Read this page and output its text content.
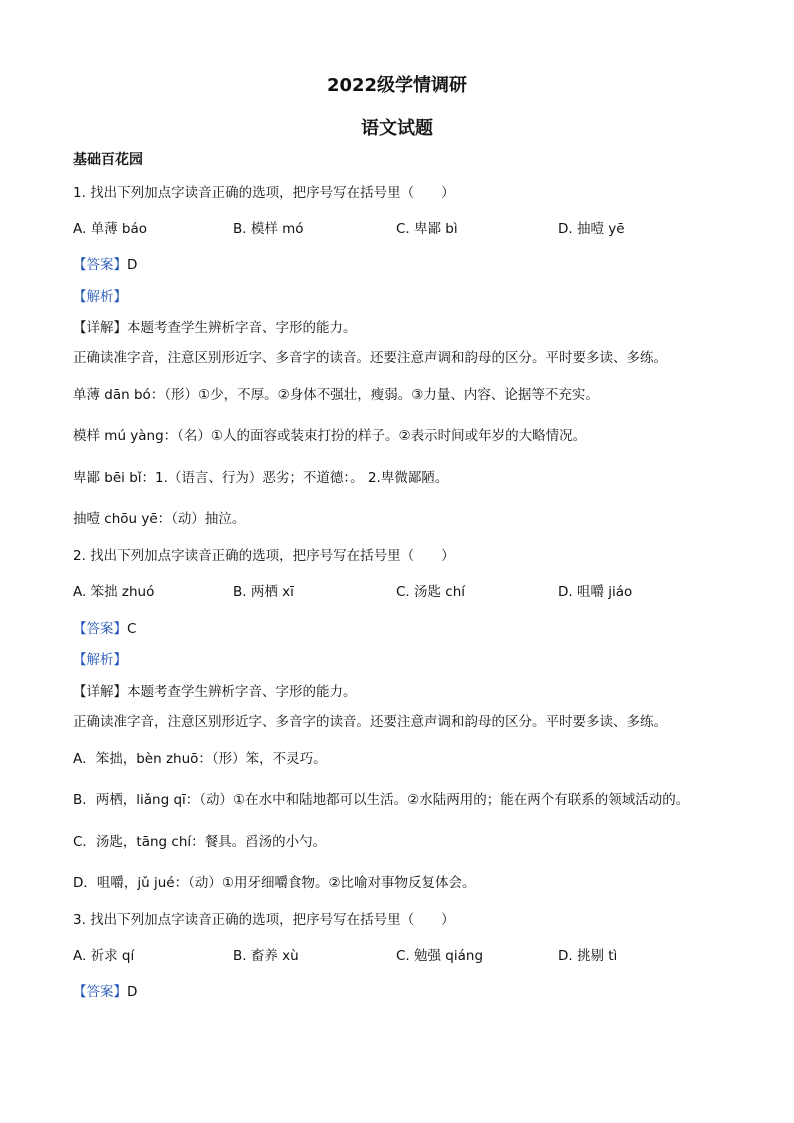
2022级学情调研
语文试题
基础百花园
1. 找出下列加点字读音正确的选项，把序号写在括号里（　　）
A. 单薄 báo	B. 模样 mó	C. 卑鄙 bì	D. 抽噎 yē
【答案】D
【解析】
【详解】本题考查学生辨析字音、字形的能力。
正确读准字音，注意区别形近字、多音字的读音。还要注意声调和韵母的区分。平时要多读、多练。
单薄 dān bó：（形）①少，不厚。②身体不强壮，瘦弱。③力量、内容、论据等不充实。
模样 mú yàng：（名）①人的面容或装束打扮的样子。②表示时间或年岁的大略情况。
卑鄙 bēi bǐ：1.（语言、行为）恶劣；不道德：。 2.卑微鄙陋。
抽噎 chōu yē：（动）抽泣。
2. 找出下列加点字读音正确的选项，把序号写在括号里（　　）
A. 笨拙 zhuó	B. 两栖 xī	C. 汤匙 chí	D. 咀嚼 jiáo
【答案】C
【解析】
【详解】本题考查学生辨析字音、字形的能力。
正确读准字音，注意区别形近字、多音字的读音。还要注意声调和韵母的区分。平时要多读、多练。
A．笨拙，bèn zhuō：（形）笨，不灵巧。
B．两栖，liǎng qī：（动）①在水中和陆地都可以生活。②水陆两用的；能在两个有联系的领域活动的。
C．汤匙，tāng chí：餐具。舀汤的小勺。
D．咀嚼，jǔ jué：（动）①用牙细嚼食物。②比喻对事物反复体会。
3. 找出下列加点字读音正确的选项，把序号写在括号里（　　）
A. 祈求 qí	B. 畜养 xù	C. 勉强 qiáng	D. 挑剔 tì
【答案】D
